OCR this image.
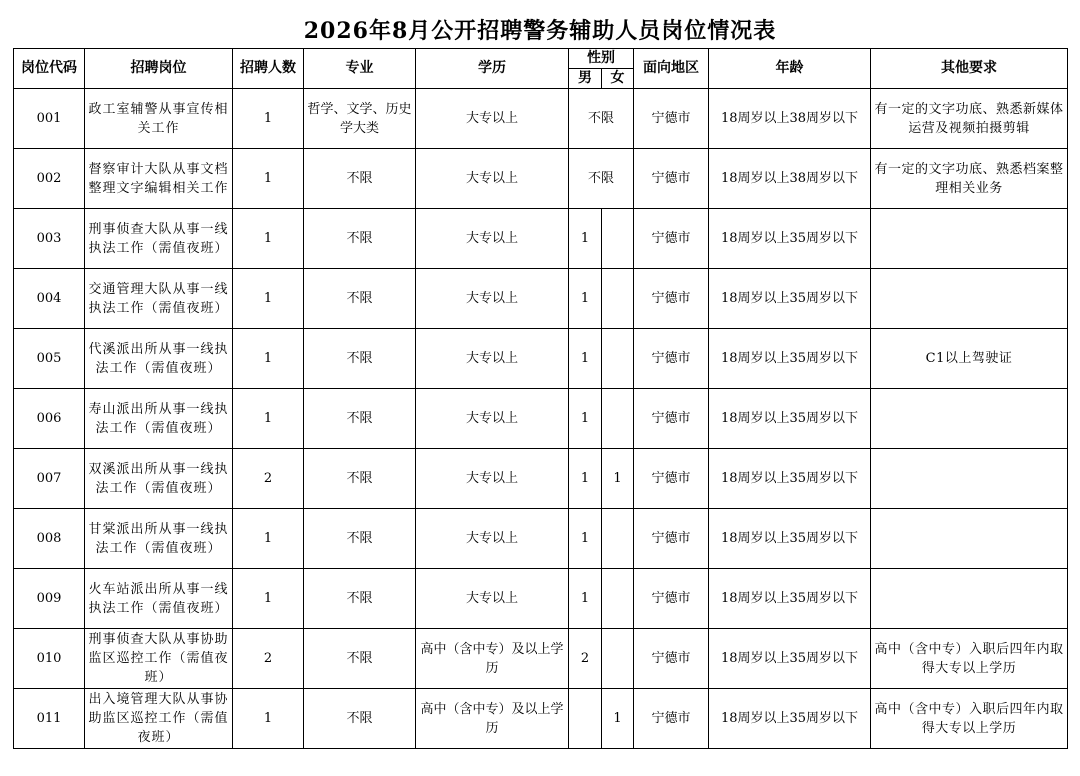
2026年8月公开招聘警务辅助人员岗位情况表
岗位代码	招聘岗位	招聘人数	专业	学历	性别		面向地区	年龄	其他要求
					男	女			
001	政工室辅警从事宣传相关工作	1	哲学、文学、历史学大类	大专以上	不限		宁德市	18周岁以上38周岁以下	有一定的文字功底、熟悉新媒体运营及视频拍摄剪辑
002	督察审计大队从事文档整理文字编辑相关工作	1	不限	大专以上	不限		宁德市	18周岁以上38周岁以下	有一定的文字功底、熟悉档案整理相关业务
003	刑事侦查大队从事一线执法工作（需值夜班）	1	不限	大专以上	1		宁德市	18周岁以上35周岁以下	
004	交通管理大队从事一线执法工作（需值夜班）	1	不限	大专以上	1		宁德市	18周岁以上35周岁以下	
005	代溪派出所从事一线执法工作（需值夜班）	1	不限	大专以上	1		宁德市	18周岁以上35周岁以下	C1以上驾驶证
006	寿山派出所从事一线执法工作（需值夜班）	1	不限	大专以上	1		宁德市	18周岁以上35周岁以下	
007	双溪派出所从事一线执法工作（需值夜班）	2	不限	大专以上	1	1	宁德市	18周岁以上35周岁以下	
008	甘棠派出所从事一线执法工作（需值夜班）	1	不限	大专以上	1		宁德市	18周岁以上35周岁以下	
009	火车站派出所从事一线执法工作（需值夜班）	1	不限	大专以上	1		宁德市	18周岁以上35周岁以下	
010	刑事侦查大队从事协助监区巡控工作（需值夜班）	2	不限	高中（含中专）及以上学历	2		宁德市	18周岁以上35周岁以下	高中（含中专）入职后四年内取得大专以上学历
011	出入境管理大队从事协助监区巡控工作（需值夜班）	1	不限	高中（含中专）及以上学历		1	宁德市	18周岁以上35周岁以下	高中（含中专）入职后四年内取得大专以上学历
